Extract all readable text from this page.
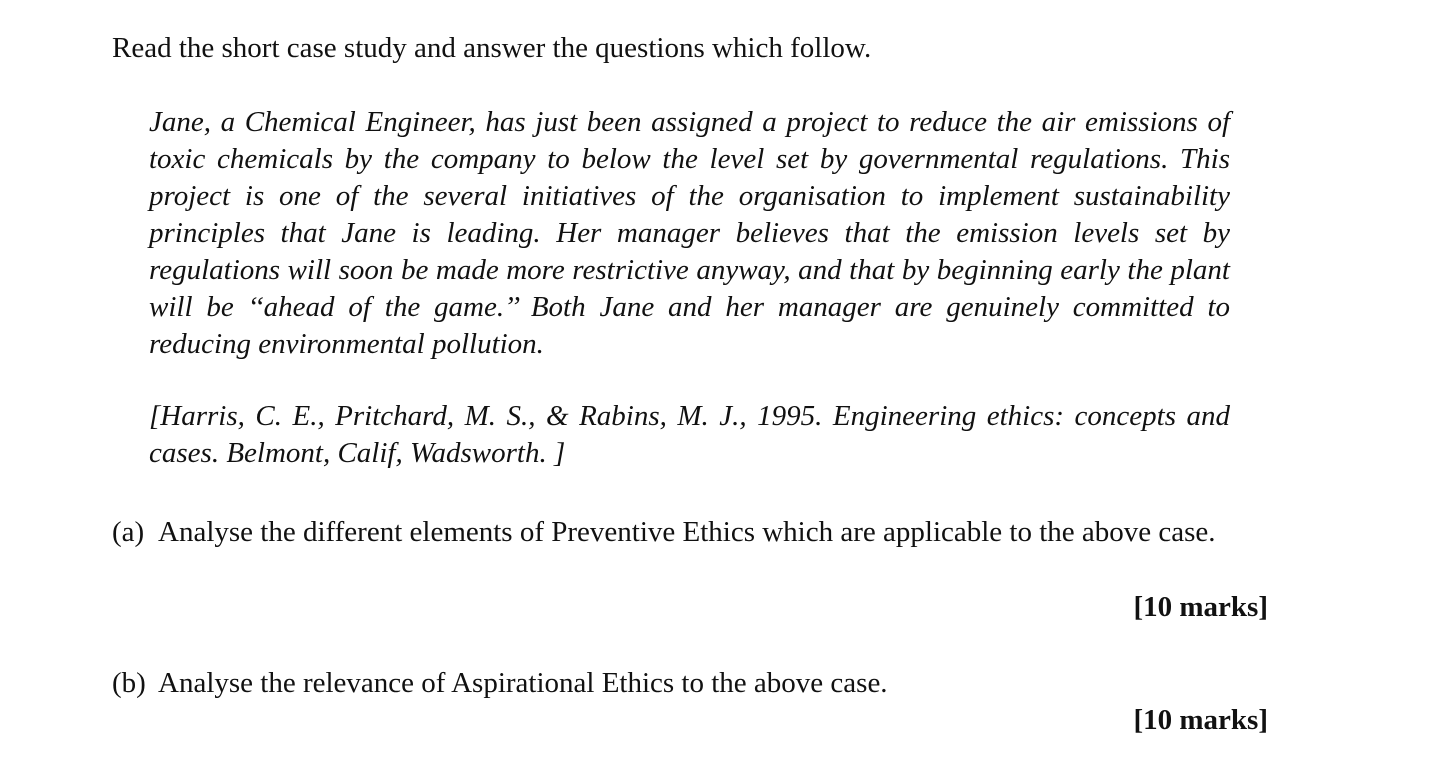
Read the short case study and answer the questions which follow.

Jane, a Chemical Engineer, has just been assigned a project to reduce the air emissions of toxic chemicals by the company to below the level set by governmental regulations. This project is one of the several initiatives of the organisation to implement sustainability principles that Jane is leading. Her manager believes that the emission levels set by regulations will soon be made more restrictive anyway, and that by beginning early the plant will be ‘‘ahead of the game.’’ Both Jane and her manager are genuinely committed to reducing environmental pollution.

[Harris, C. E., Pritchard, M. S., & Rabins, M. J., 1995. Engineering ethics: concepts and cases. Belmont, Calif, Wadsworth. ]

(a) Analyse the different elements of Preventive Ethics which are applicable to the above case.
[10 marks]
(b) Analyse the relevance of Aspirational Ethics to the above case.
[10 marks]
